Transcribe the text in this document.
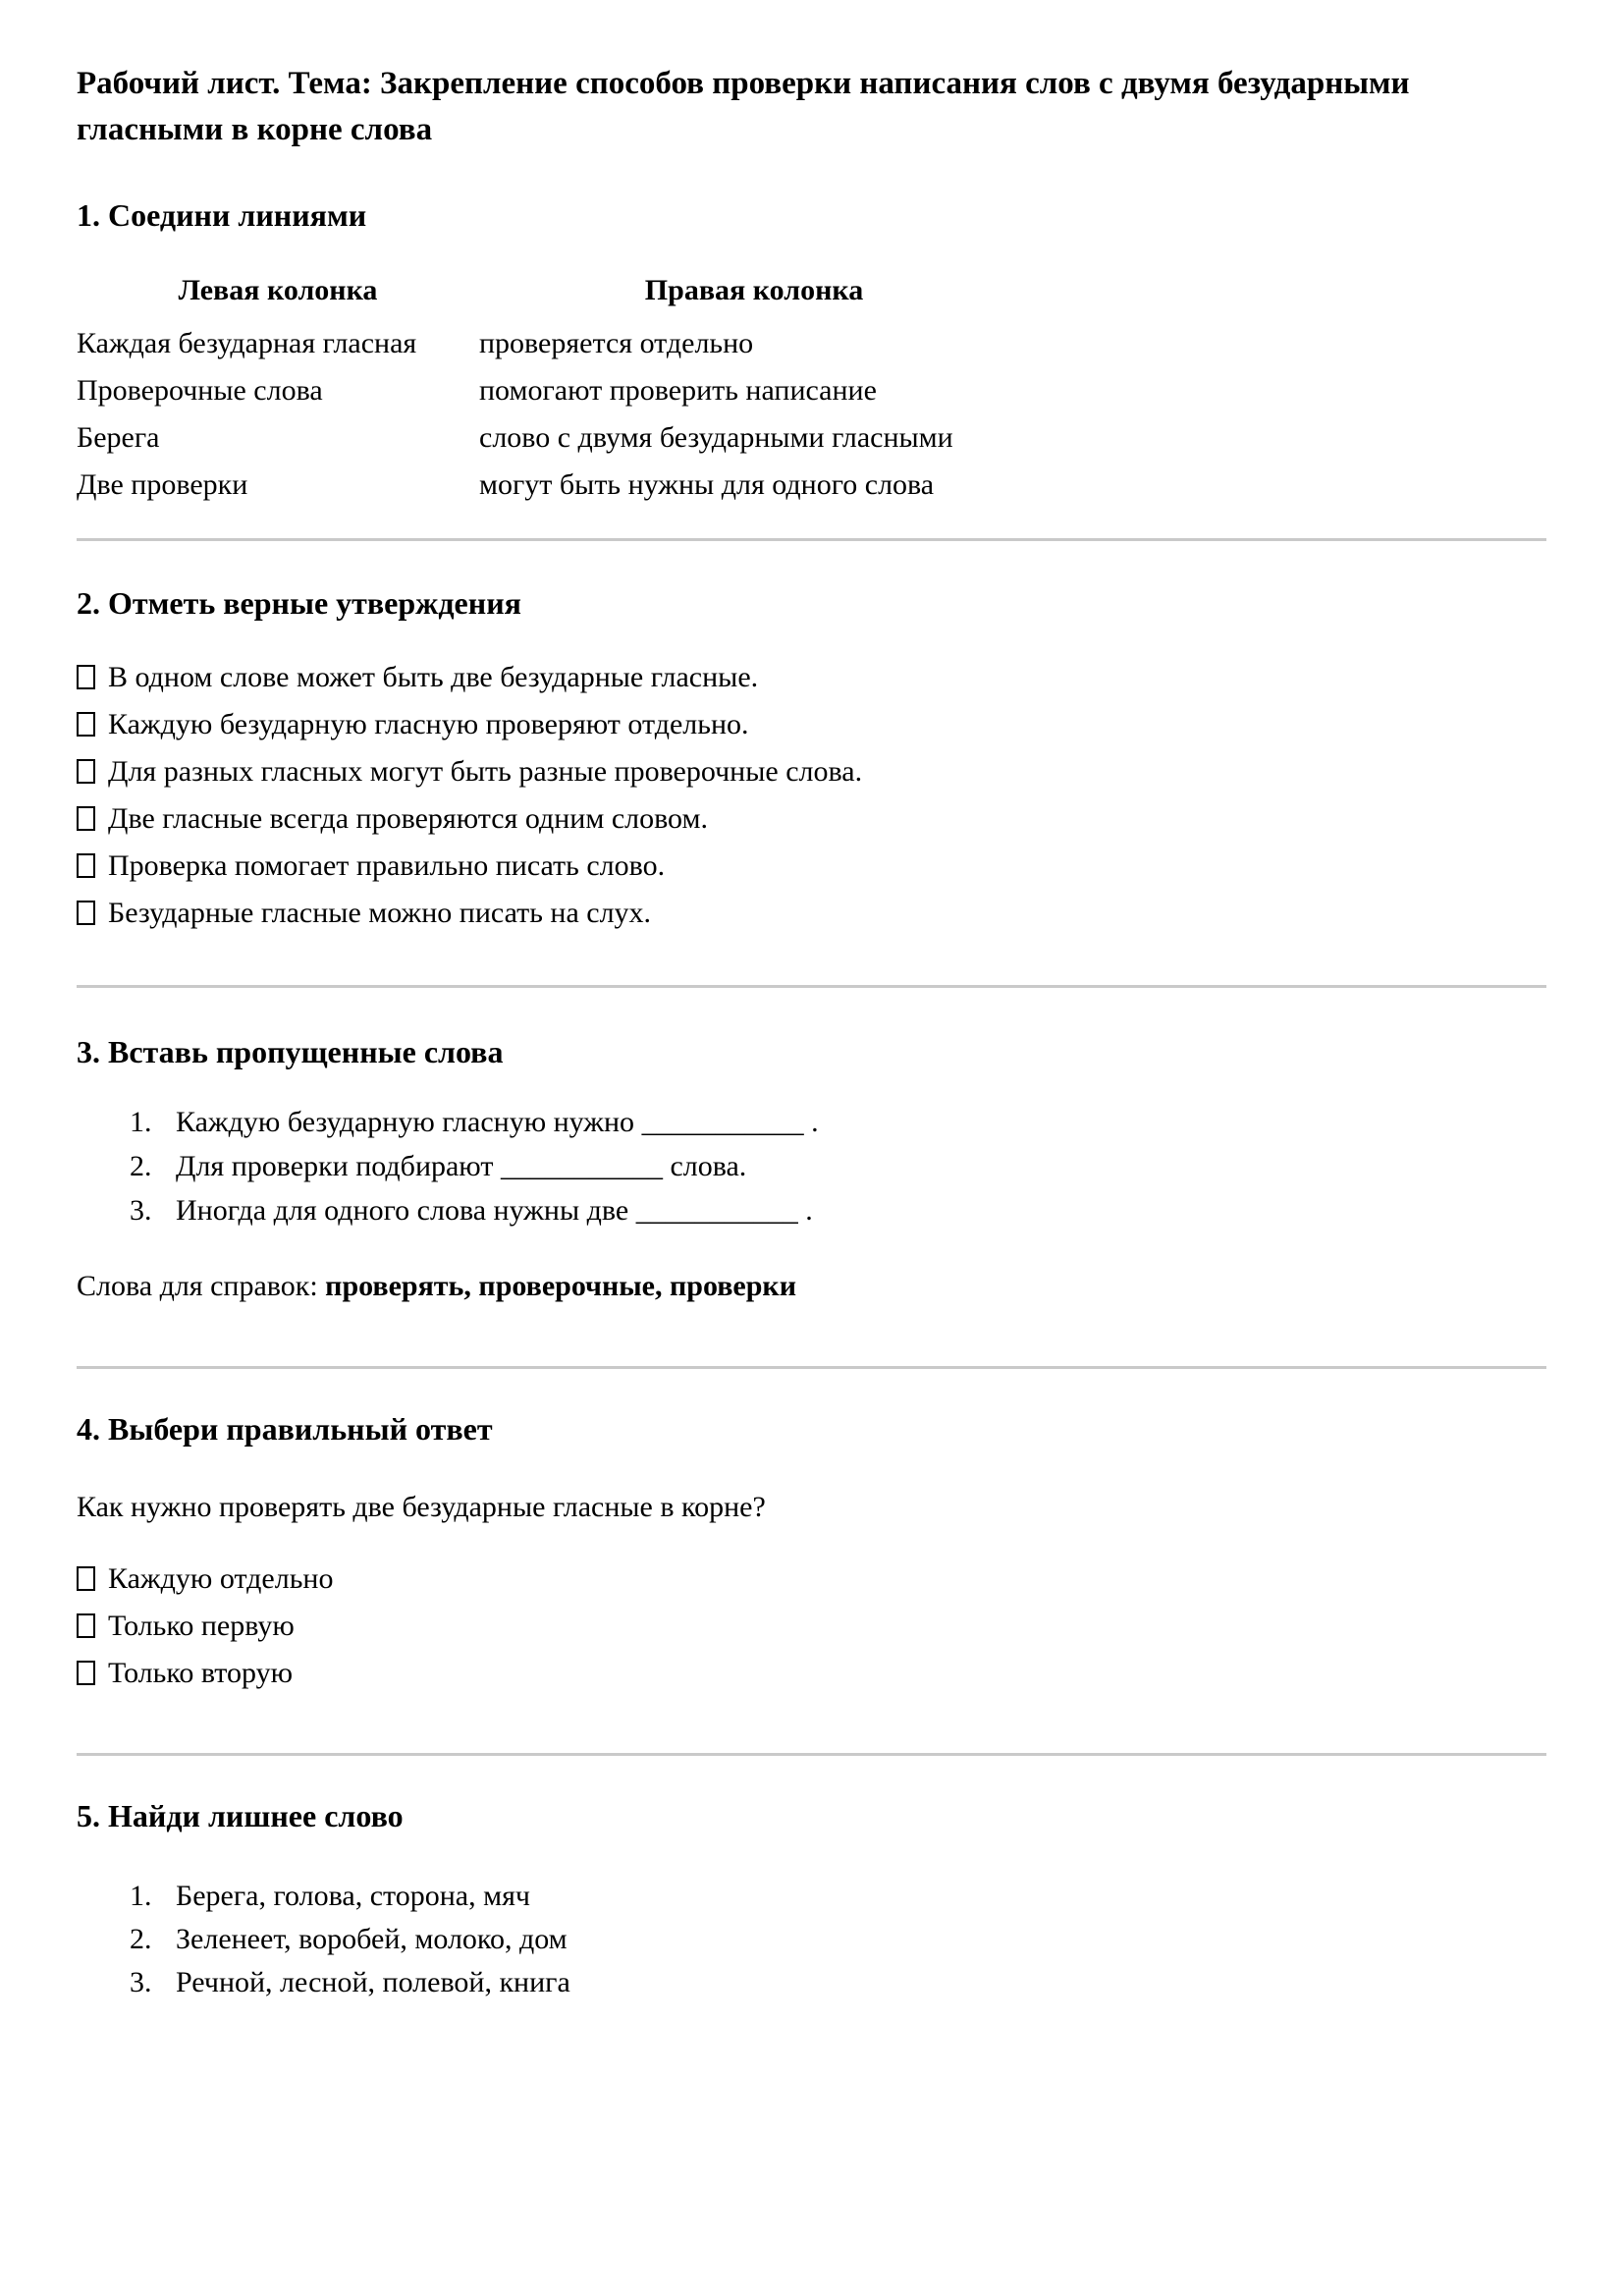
Рабочий лист. Тема: Закрепление способов проверки написания слов с двумя безударными гласными в корне слова
1. Соедини линиями
Левая колонка	Правая колонка
Каждая безударная гласная	проверяется отдельно
Проверочные слова	помогают проверить написание
Берега	слово с двумя безударными гласными
Две проверки	могут быть нужны для одного слова
2. Отметь верные утверждения
В одном слове может быть две безударные гласные.
Каждую безударную гласную проверяют отдельно.
Для разных гласных могут быть разные проверочные слова.
Две гласные всегда проверяются одним словом.
Проверка помогает правильно писать слово.
Безударные гласные можно писать на слух.
3. Вставь пропущенные слова
1. Каждую безударную гласную нужно ___________ .
2. Для проверки подбирают ___________ слова.
3. Иногда для одного слова нужны две ___________ .
Слова для справок: проверять, проверочные, проверки
4. Выбери правильный ответ
Как нужно проверять две безударные гласные в корне?
Каждую отдельно
Только первую
Только вторую
5. Найди лишнее слово
1. Берега, голова, сторона, мяч
2. Зеленеет, воробей, молоко, дом
3. Речной, лесной, полевой, книга
